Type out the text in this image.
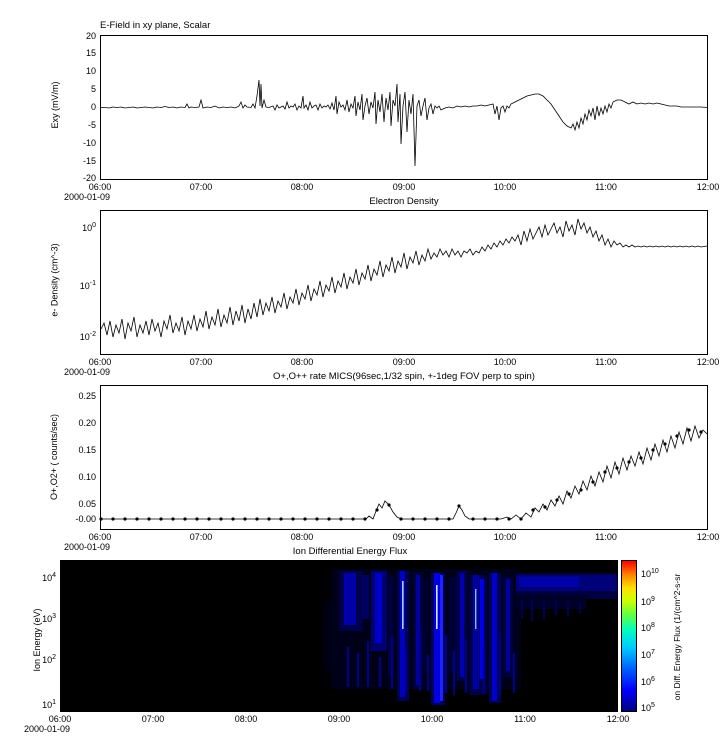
E-Field in xy plane, Scalar
Exy (mV/m)
20
15
10
5
0
-5
-10
-15
-20
06:00	07:00	08:00	09:00	10:00	11:00	12:00
2000-01-09	Electron Density
e- Density (cm^-3)
$10^0$
$10^{-1}$
$10^{-2}$
06:00	07:00	08:00	09:00	10:00	11:00	12:00
2000-01-09	O+,O++ rate MICS(96sec,1/32 spin, +-1deg FOV perp to spin)
O+,O2+ ( counts/sec)
0.25
0.20
0.15
0.10
0.05
-0.00
06:00	07:00	08:00	09:00	10:00	11:00	12:00
2000-01-09	Ion Differential Energy Flux
Ion Energy (eV)
$10^4$
$10^3$
$10^2$
$10^1$
06:00	07:00	08:00	09:00	10:00	11:00	12:00
2000-01-09
$10^{10}$
$10^9$
$10^8$
$10^7$
$10^6$
$10^5$
on Diff. Energy Flux (1/(cm^2-s-sr
